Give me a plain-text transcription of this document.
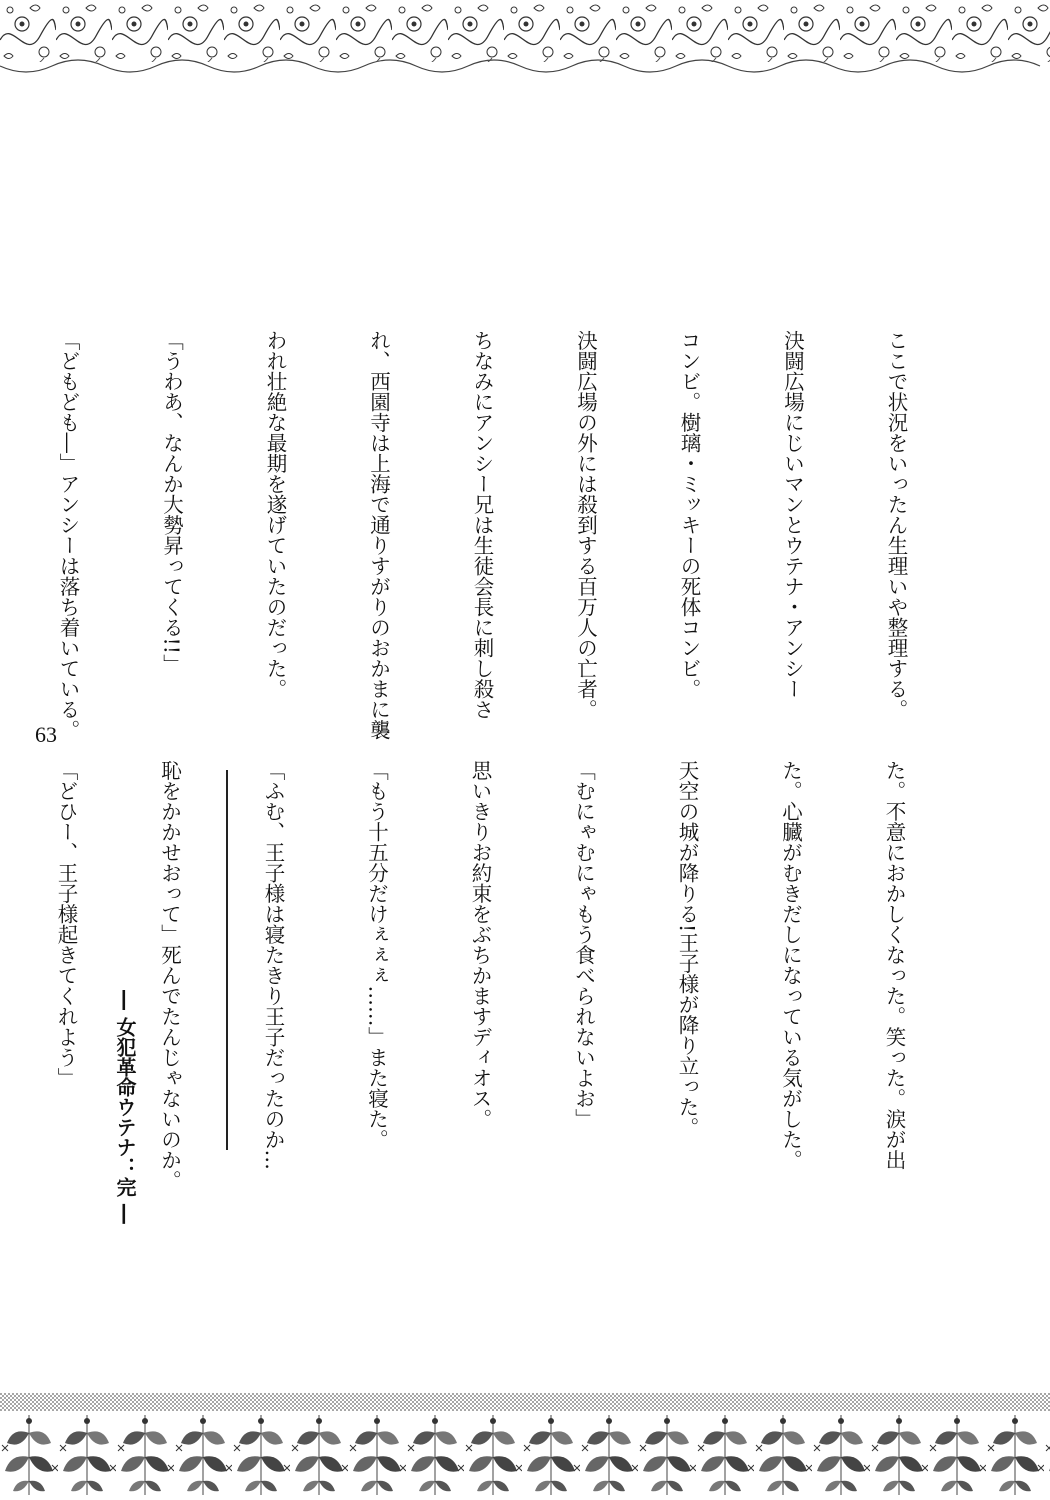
ここで状況をいったん生理いや整理する。

決闘広場にじいマンとウテナ・アンシー

コンビ。樹璃・ミッキーの死体コンビ。

決闘広場の外には殺到する百万人の亡者。

ちなみにアンシー兄は生徒会長に刺し殺さ

れ、西園寺は上海で通りすがりのおかまに襲

われ壮絶な最期を遂げていたのだった。

「うわあ、なんか大勢昇ってくる!!」

「どもども―」アンシーは落ち着いている。

63

た。不意におかしくなった。笑った。涙が出

た。心臓がむきだしになっている気がした。

天空の城が降りる!王子様が降り立った。

「むにゃむにゃもう食べられないよお」

思いきりお約束をぶちかますディオス。

「もう十五分だけぇぇぇ……」また寝た。

「ふむ、王子様は寝たきり王子だったのか…

恥をかかせおって」死んでたんじゃないのか。

「どひー、王子様起きてくれよう」

― 女犯革命ウテナ：完 ―
